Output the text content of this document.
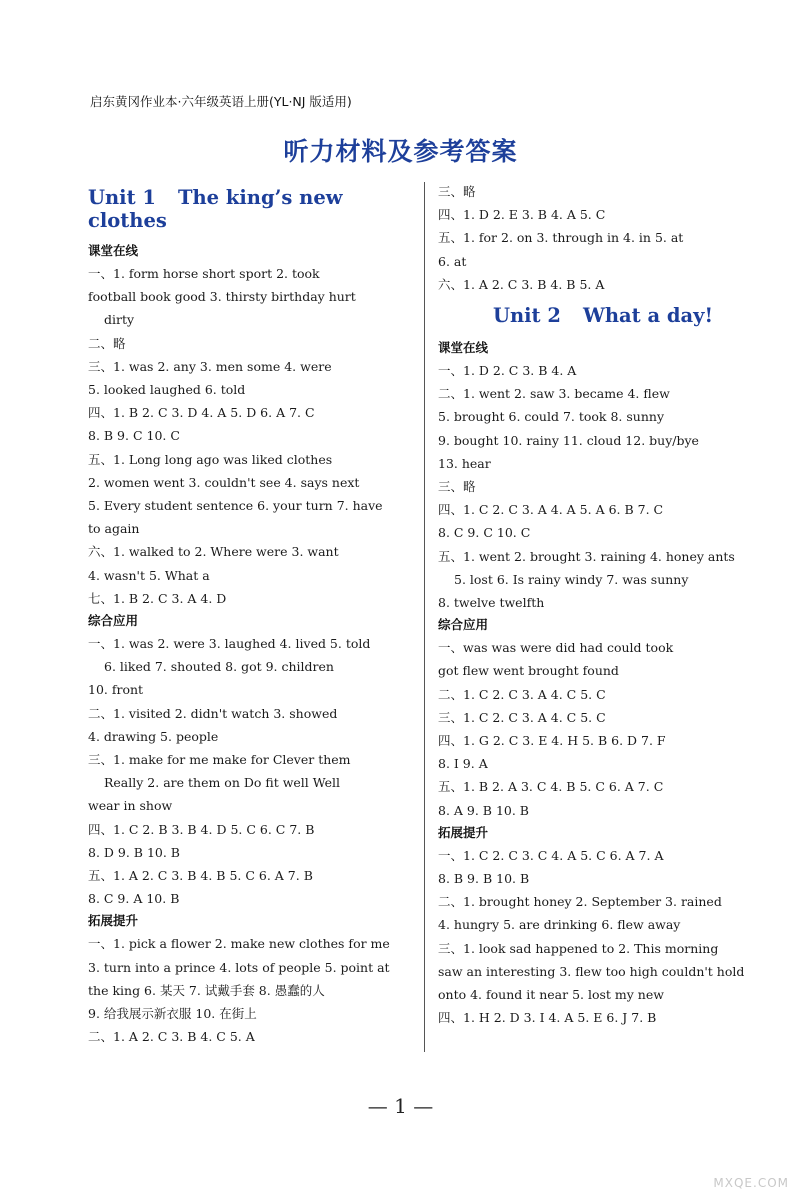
启东黄冈作业本·六年级英语上册(YL·NJ 版适用)
听力材料及参考答案
Unit 1 The king’s new clothes
课堂在线
一、1. form horse short sport 2. took
football book good 3. thirsty birthday hurt
dirty
二、略
三、1. was 2. any 3. men some 4. were
5. looked laughed 6. told
四、1. B 2. C 3. D 4. A 5. D 6. A 7. C
8. B 9. C 10. C
五、1. Long long ago was liked clothes
2. women went 3. couldn't see 4. says next
5. Every student sentence 6. your turn 7. have
to again
六、1. walked to 2. Where were 3. want
4. wasn't 5. What a
七、1. B 2. C 3. A 4. D
综合应用
一、1. was 2. were 3. laughed 4. lived 5. told
6. liked 7. shouted 8. got 9. children
10. front
二、1. visited 2. didn't watch 3. showed
4. drawing 5. people
三、1. make for me make for Clever them
Really 2. are them on Do fit well Well
wear in show
四、1. C 2. B 3. B 4. D 5. C 6. C 7. B
8. D 9. B 10. B
五、1. A 2. C 3. B 4. B 5. C 6. A 7. B
8. C 9. A 10. B
拓展提升
一、1. pick a flower 2. make new clothes for me
3. turn into a prince 4. lots of people 5. point at
the king 6. 某天 7. 试戴手套 8. 愚蠢的人
9. 给我展示新衣服 10. 在街上
二、1. A 2. C 3. B 4. C 5. A
三、略
四、1. D 2. E 3. B 4. A 5. C
五、1. for 2. on 3. through in 4. in 5. at
6. at
六、1. A 2. C 3. B 4. B 5. A
Unit 2 What a day!
课堂在线
一、1. D 2. C 3. B 4. A
二、1. went 2. saw 3. became 4. flew
5. brought 6. could 7. took 8. sunny
9. bought 10. rainy 11. cloud 12. buy/bye
13. hear
三、略
四、1. C 2. C 3. A 4. A 5. A 6. B 7. C
8. C 9. C 10. C
五、1. went 2. brought 3. raining 4. honey ants
5. lost 6. Is rainy windy 7. was sunny
8. twelve twelfth
综合应用
一、was was were did had could took
got flew went brought found
二、1. C 2. C 3. A 4. C 5. C
三、1. C 2. C 3. A 4. C 5. C
四、1. G 2. C 3. E 4. H 5. B 6. D 7. F
8. I 9. A
五、1. B 2. A 3. C 4. B 5. C 6. A 7. C
8. A 9. B 10. B
拓展提升
一、1. C 2. C 3. C 4. A 5. C 6. A 7. A
8. B 9. B 10. B
二、1. brought honey 2. September 3. rained
4. hungry 5. are drinking 6. flew away
三、1. look sad happened to 2. This morning
saw an interesting 3. flew too high couldn't hold
onto 4. found it near 5. lost my new
四、1. H 2. D 3. I 4. A 5. E 6. J 7. B
— 1 —
MXQE.COM
